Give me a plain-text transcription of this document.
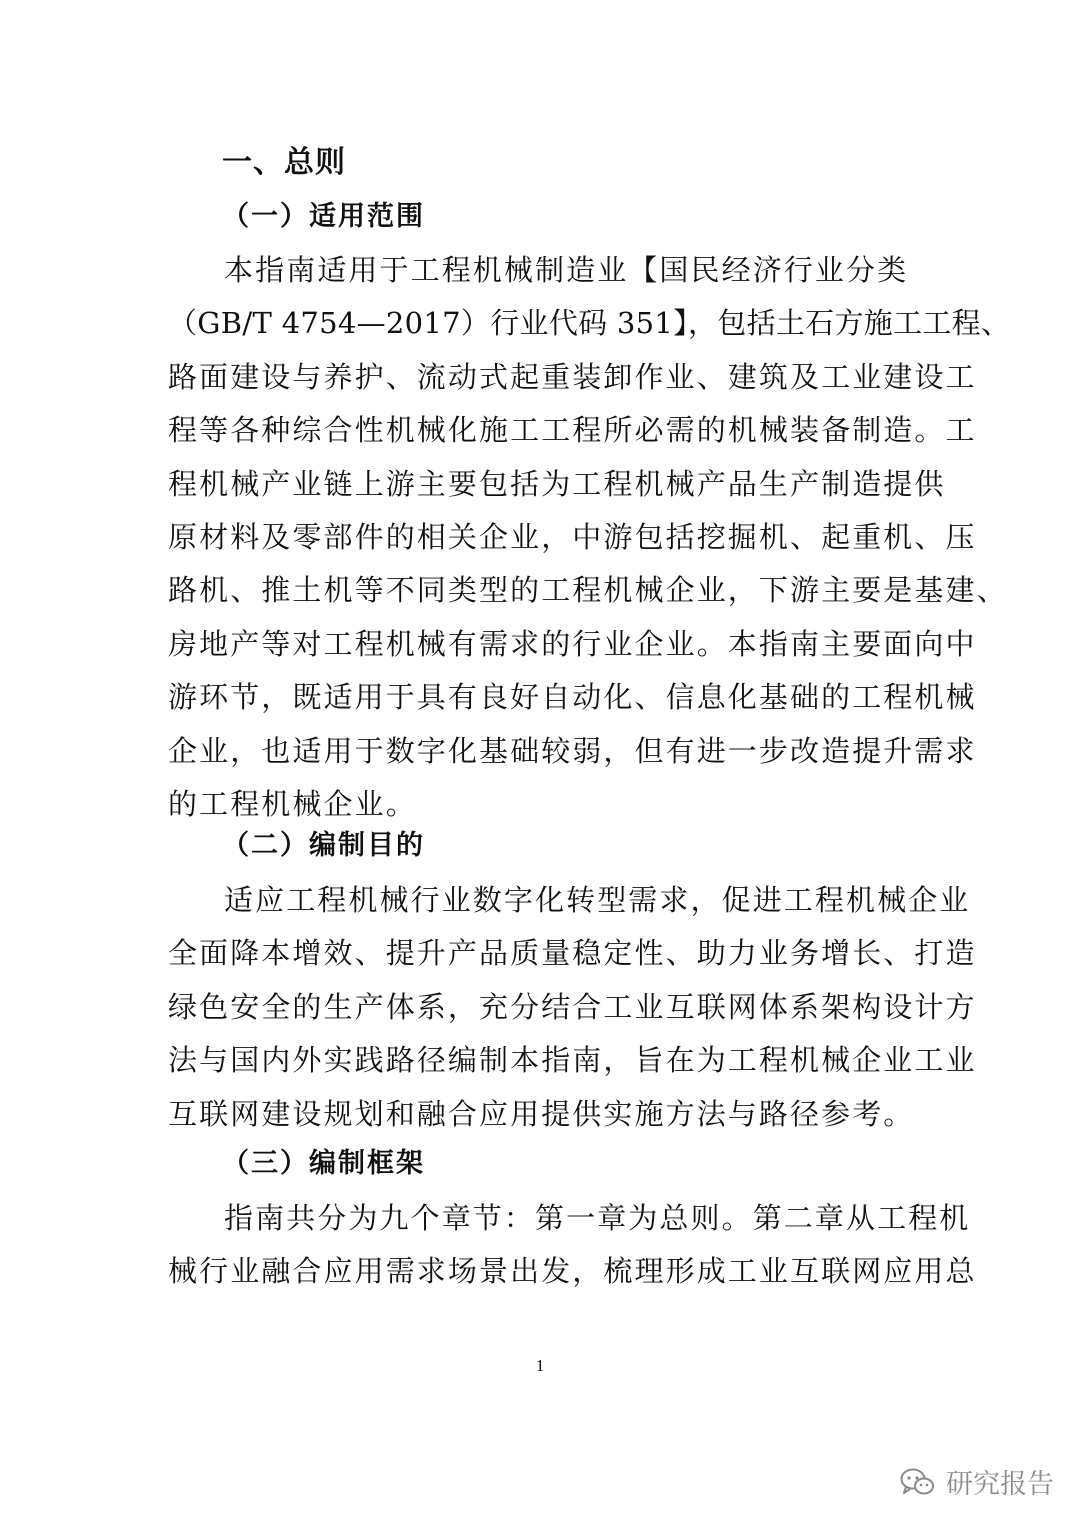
一、总则
（一）适用范围
本指南适用于工程机械制造业【国民经济行业分类
（GB/T 4754—2017）行业代码 351】，包括土石方施工工程、
路面建设与养护、流动式起重装卸作业、建筑及工业建设工
程等各种综合性机械化施工工程所必需的机械装备制造。工
程机械产业链上游主要包括为工程机械产品生产制造提供
原材料及零部件的相关企业，中游包括挖掘机、起重机、压
路机、推土机等不同类型的工程机械企业，下游主要是基建、
房地产等对工程机械有需求的行业企业。本指南主要面向中
游环节，既适用于具有良好自动化、信息化基础的工程机械
企业，也适用于数字化基础较弱，但有进一步改造提升需求
的工程机械企业。
（二）编制目的
适应工程机械行业数字化转型需求，促进工程机械企业
全面降本增效、提升产品质量稳定性、助力业务增长、打造
绿色安全的生产体系，充分结合工业互联网体系架构设计方
法与国内外实践路径编制本指南，旨在为工程机械企业工业
互联网建设规划和融合应用提供实施方法与路径参考。
（三）编制框架
指南共分为九个章节：第一章为总则。第二章从工程机
械行业融合应用需求场景出发，梳理形成工业互联网应用总
1
研究报告
